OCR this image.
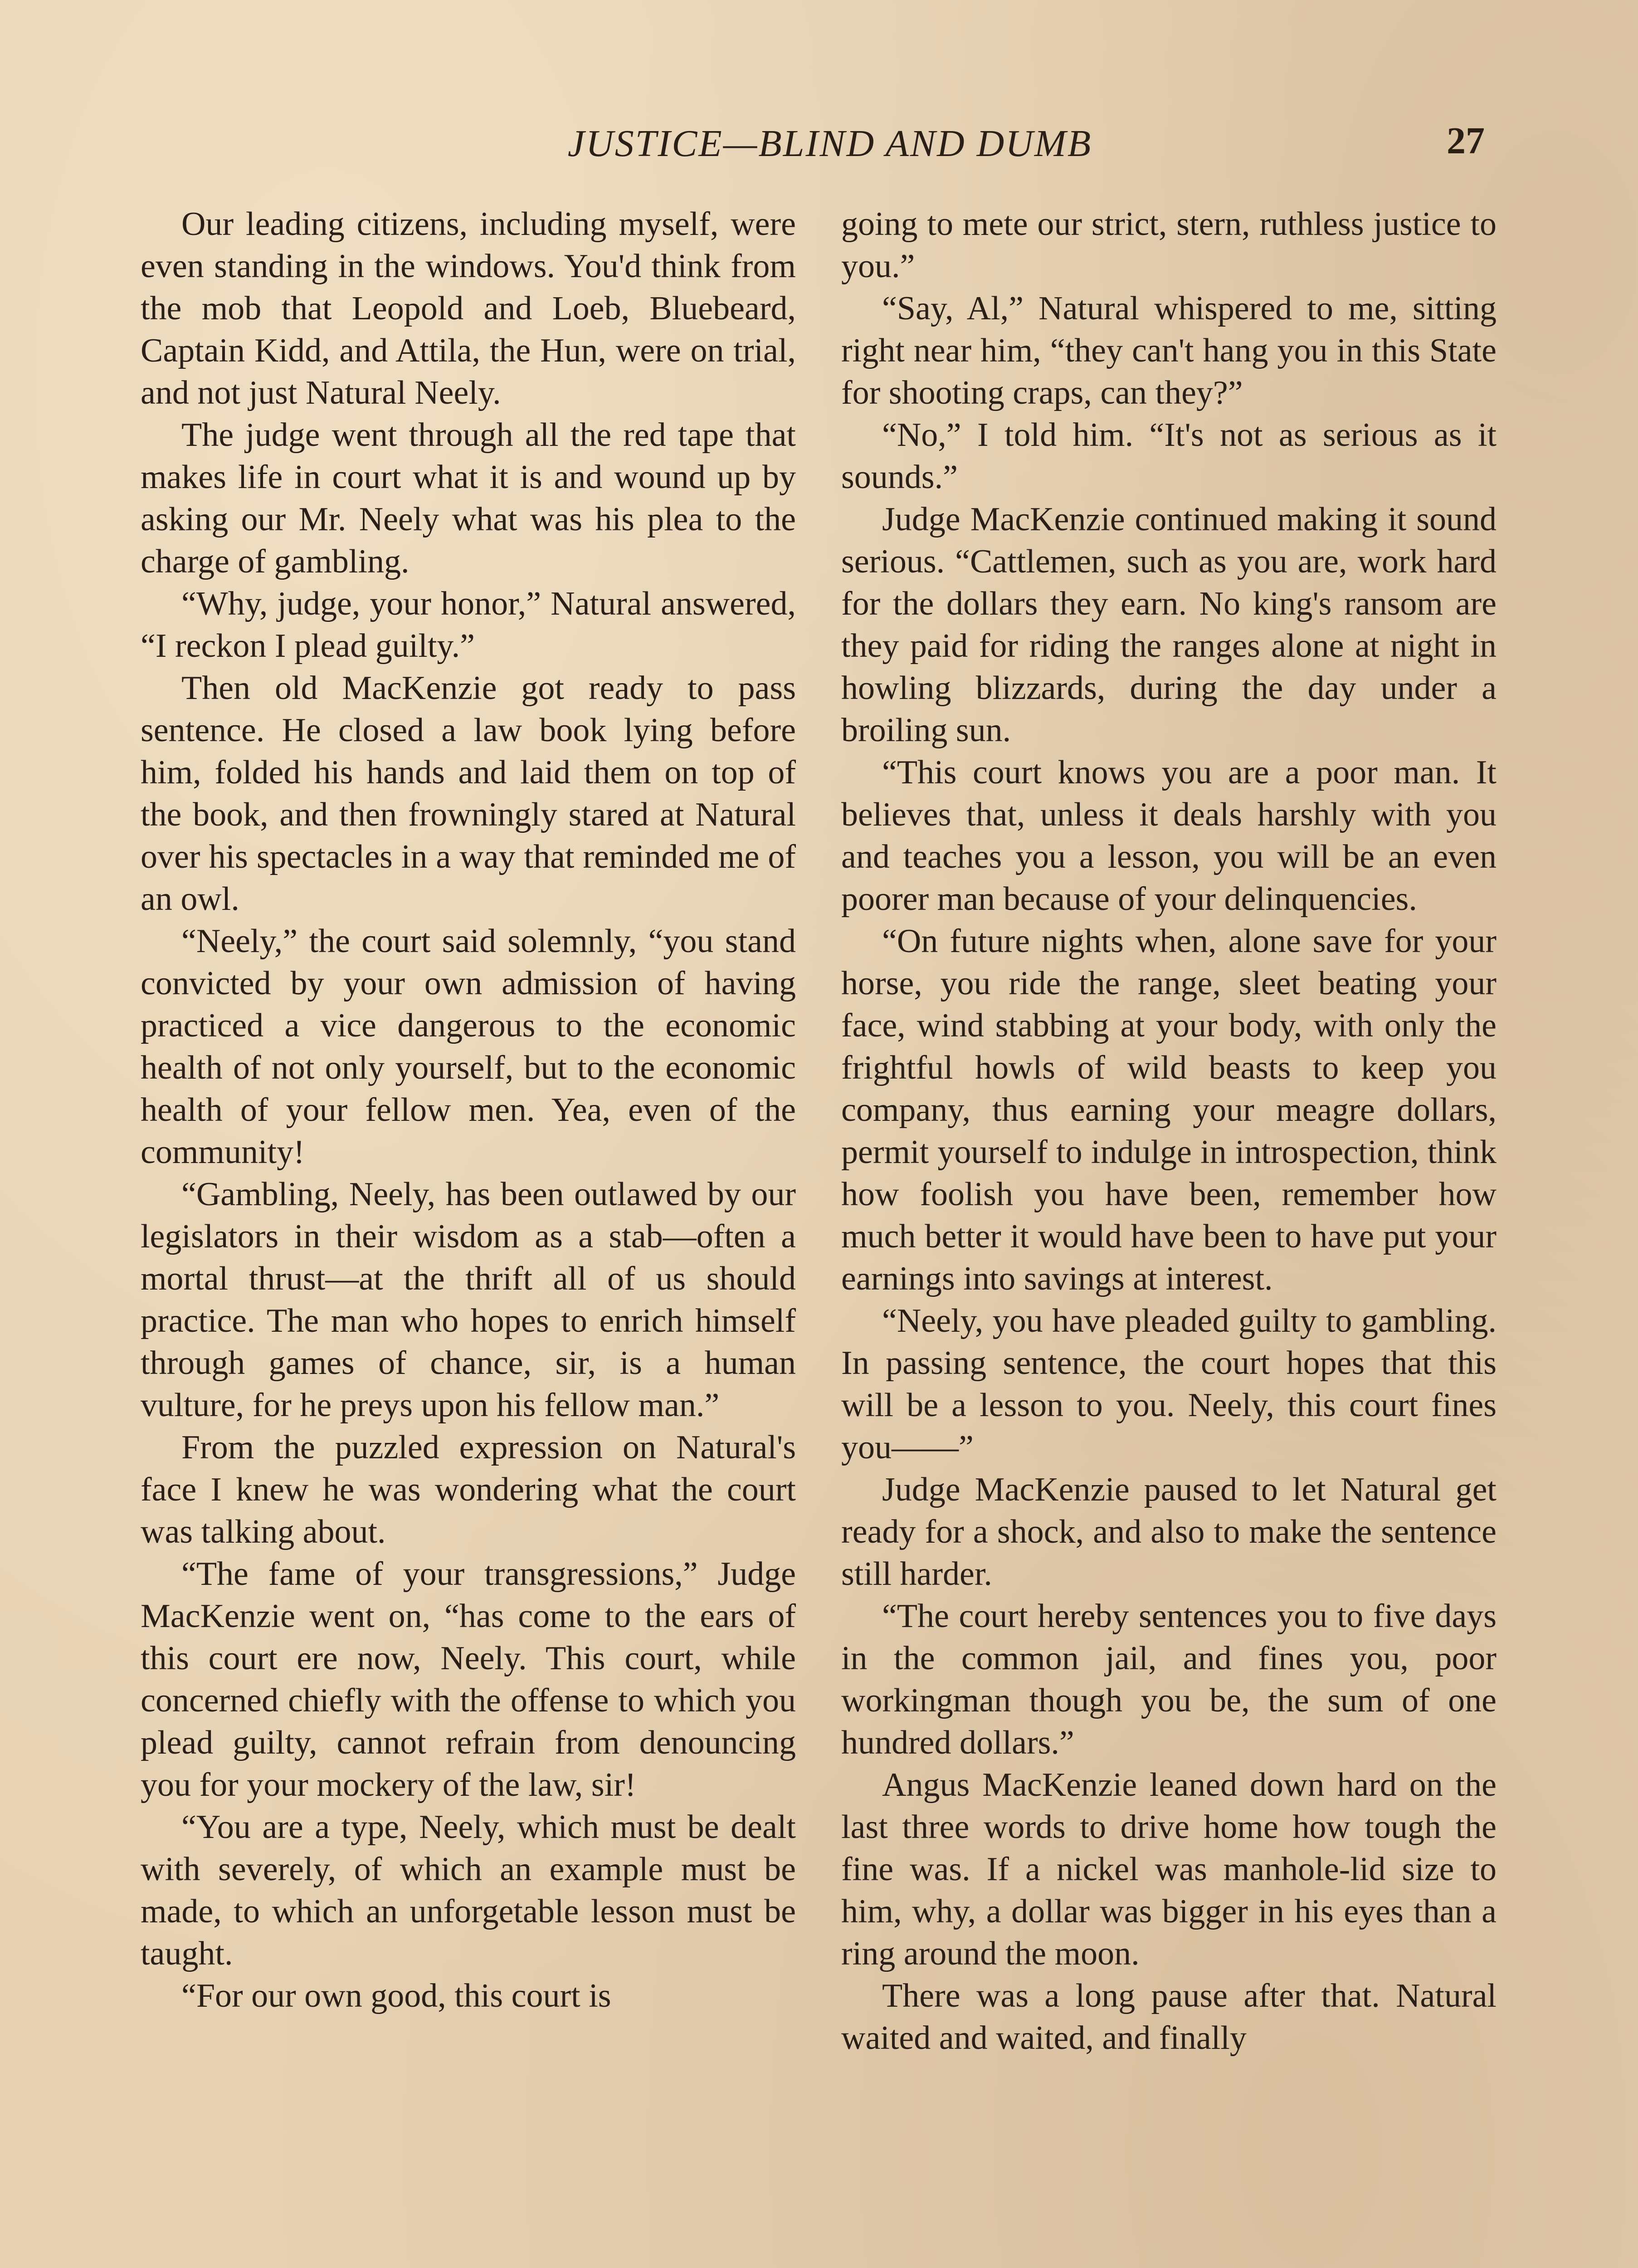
JUSTICE—BLIND AND DUMB	27

Our leading citizens, including myself, were even standing in the windows. You'd think from the mob that Leopold and Loeb, Bluebeard, Captain Kidd, and Attila, the Hun, were on trial, and not just Natural Neely.

The judge went through all the red tape that makes life in court what it is and wound up by asking our Mr. Neely what was his plea to the charge of gambling.

“Why, judge, your honor,” Natural answered, “I reckon I plead guilty.”

Then old MacKenzie got ready to pass sentence. He closed a law book lying before him, folded his hands and laid them on top of the book, and then frowningly stared at Natural over his spectacles in a way that reminded me of an owl.

“Neely,” the court said solemnly, “you stand convicted by your own admission of having practiced a vice dangerous to the economic health of not only yourself, but to the economic health of your fellow men. Yea, even of the community!

“Gambling, Neely, has been outlawed by our legislators in their wisdom as a stab—often a mortal thrust—at the thrift all of us should practice. The man who hopes to enrich himself through games of chance, sir, is a human vulture, for he preys upon his fellow man.”

From the puzzled expression on Natural's face I knew he was wondering what the court was talking about.

“The fame of your transgressions,” Judge MacKenzie went on, “has come to the ears of this court ere now, Neely. This court, while concerned chiefly with the offense to which you plead guilty, cannot refrain from denouncing you for your mockery of the law, sir!

“You are a type, Neely, which must be dealt with severely, of which an example must be made, to which an unforgetable lesson must be taught.

“For our own good, this court is

going to mete our strict, stern, ruthless justice to you.”

“Say, Al,” Natural whispered to me, sitting right near him, “they can't hang you in this State for shooting craps, can they?”

“No,” I told him. “It's not as serious as it sounds.”

Judge MacKenzie continued making it sound serious. “Cattlemen, such as you are, work hard for the dollars they earn. No king's ransom are they paid for riding the ranges alone at night in howling blizzards, during the day under a broiling sun.

“This court knows you are a poor man. It believes that, unless it deals harshly with you and teaches you a lesson, you will be an even poorer man because of your delinquencies.

“On future nights when, alone save for your horse, you ride the range, sleet beating your face, wind stabbing at your body, with only the frightful howls of wild beasts to keep you company, thus earning your meagre dollars, permit yourself to indulge in introspection, think how foolish you have been, remember how much better it would have been to have put your earnings into savings at interest.

“Neely, you have pleaded guilty to gambling. In passing sentence, the court hopes that this will be a lesson to you. Neely, this court fines you——”

Judge MacKenzie paused to let Natural get ready for a shock, and also to make the sentence still harder.

“The court hereby sentences you to five days in the common jail, and fines you, poor workingman though you be, the sum of one hundred dollars.”

Angus MacKenzie leaned down hard on the last three words to drive home how tough the fine was. If a nickel was manhole-lid size to him, why, a dollar was bigger in his eyes than a ring around the moon.

There was a long pause after that. Natural waited and waited, and finally
